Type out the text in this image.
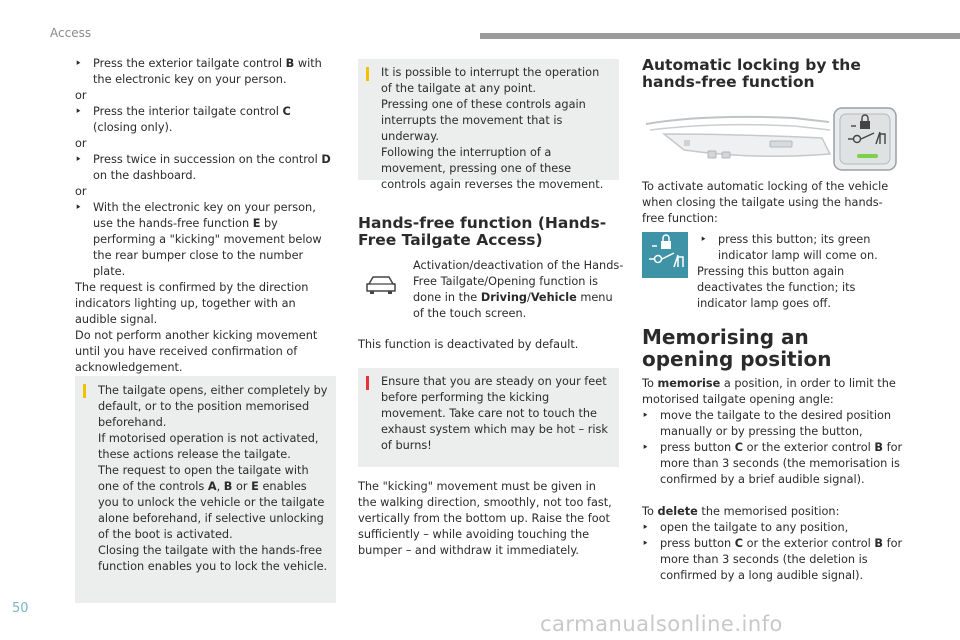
Access

‣ Press the exterior tailgate control B with the electronic key on your person.

or

‣ Press the interior tailgate control C (closing only).

or

‣ Press twice in succession on the control D on the dashboard.

or

‣ With the electronic key on your person, use the hands-free function E by performing a "kicking" movement below the rear bumper close to the number plate.

The request is confirmed by the direction indicators lighting up, together with an audible signal.

Do not perform another kicking movement until you have received confirmation of acknowledgement.

The tailgate opens, either completely by default, or to the position memorised beforehand.

If motorised operation is not activated, these actions release the tailgate.

The request to open the tailgate with one of the controls A, B or E enables you to unlock the vehicle or the tailgate alone beforehand, if selective unlocking of the boot is activated.

Closing the tailgate with the hands-free function enables you to lock the vehicle.

It is possible to interrupt the operation of the tailgate at any point.

Pressing one of these controls again interrupts the movement that is underway.

Following the interruption of a movement, pressing one of these controls again reverses the movement.

Hands-free function (Hands-Free Tailgate Access)
Activation/deactivation of the Hands-Free Tailgate/Opening function is done in the Driving/Vehicle menu of the touch screen.
This function is deactivated by default.
Ensure that you are steady on your feet before performing the kicking movement. Take care not to touch the exhaust system which may be hot – risk of burns!
The "kicking" movement must be given in the walking direction, smoothly, not too fast, vertically from the bottom up. Raise the foot sufficiently – while avoiding touching the bumper – and withdraw it immediately.
Automatic locking by the hands-free function
To activate automatic locking of the vehicle when closing the tailgate using the hands-free function:

‣ press this button; its green indicator lamp will come on.

Pressing this button again deactivates the function; its indicator lamp goes off.
Memorising an opening position

To memorise a position, in order to limit the motorised tailgate opening angle:

‣ move the tailgate to the desired position manually or by pressing the button,

‣ press button C or the exterior control B for more than 3 seconds (the memorisation is confirmed by a brief audible signal).

To delete the memorised position:

‣ open the tailgate to any position,

‣ press button C or the exterior control B for more than 3 seconds (the deletion is confirmed by a long audible signal).

50
carmanualsonline.info
